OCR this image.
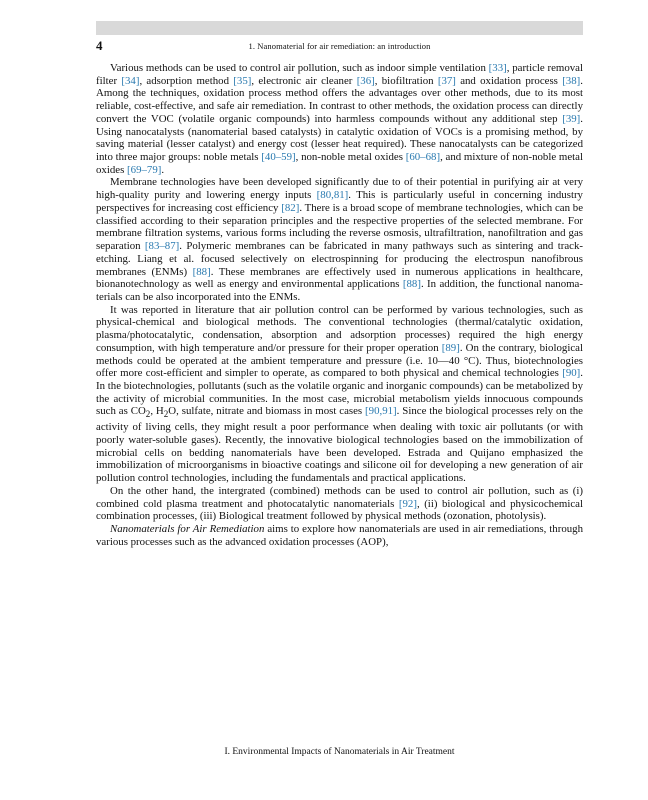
4	1. Nanomaterial for air remediation: an introduction

Various methods can be used to control air pollution, such as indoor simple ventilation [33], particle removal filter [34], adsorption method [35], electronic air cleaner [36], biofiltration [37] and oxidation process [38]. Among the techniques, oxidation process method offers the advantages over other methods, due to its most reliable, cost-effective, and safe air remediation. In contrast to other methods, the oxidation process can directly convert the VOC (volatile organic compounds) into harmless compounds without any additional step [39]. Using nanocatalysts (nanomaterial based catalysts) in catalytic oxidation of VOCs is a promising method, by saving material (lesser catalyst) and energy cost (lesser heat required). These nanocatalysts can be categorized into three major groups: noble metals [40–59], non-noble metal oxides [60–68], and mixture of non-noble metal oxides [69–79].

Membrane technologies have been developed significantly due to of their potential in purifying air at very high-quality purity and lowering energy inputs [80,81]. This is particularly useful in concerning industry perspectives for increasing cost efficiency [82]. There is a broad scope of membrane technologies, which can be classified according to their separation principles and the respective properties of the selected membrane. For membrane filtration systems, various forms including the reverse osmosis, ultrafiltration, nanofiltration and gas separation [83–87]. Polymeric membranes can be fabricated in many pathways such as sintering and track-etching. Liang et al. focused selectively on electrospinning for producing the electrospun nanofibrous membranes (ENMs) [88]. These membranes are effectively used in numerous applications in healthcare, bionanotechnology as well as energy and environmental applications [88]. In addition, the functional nanomaterials can be also incorporated into the ENMs.

It was reported in literature that air pollution control can be performed by various technologies, such as physical-chemical and biological methods. The conventional technologies (thermal/catalytic oxidation, plasma/photocatalytic, condensation, absorption and adsorption processes) required the high energy consumption, with high temperature and/or pressure for their proper operation [89]. On the contrary, biological methods could be operated at the ambient temperature and pressure (i.e. 10—40 °C). Thus, biotechnologies offer more cost-efficient and simpler to operate, as compared to both physical and chemical technologies [90]. In the biotechnologies, pollutants (such as the volatile organic and inorganic compounds) can be metabolized by the activity of microbial communities. In the most case, microbial metabolism yields innocuous compounds such as $CO_2$, $H_2O$, sulfate, nitrate and biomass in most cases [90,91]. Since the biological processes rely on the activity of living cells, they might result a poor performance when dealing with toxic air pollutants (or with poorly water-soluble gases). Recently, the innovative biological technologies based on the immobilization of microbial cells on bedding nanomaterials have been developed. Estrada and Quijano emphasized the immobilization of microorganisms in bioactive coatings and silicone oil for developing a new generation of air pollution control technologies, including the fundamentals and practical applications.

On the other hand, the intergrated (combined) methods can be used to control air pollution, such as (i) combined cold plasma treatment and photocatalytic nanomaterials [92], (ii) biological and physicochemical combination processes, (iii) Biological treatment followed by physical methods (ozonation, photolysis).

Nanomaterials for Air Remediation aims to explore how nanomaterials are used in air remediations, through various processes such as the advanced oxidation processes (AOP),

I. Environmental Impacts of Nanomaterials in Air Treatment
